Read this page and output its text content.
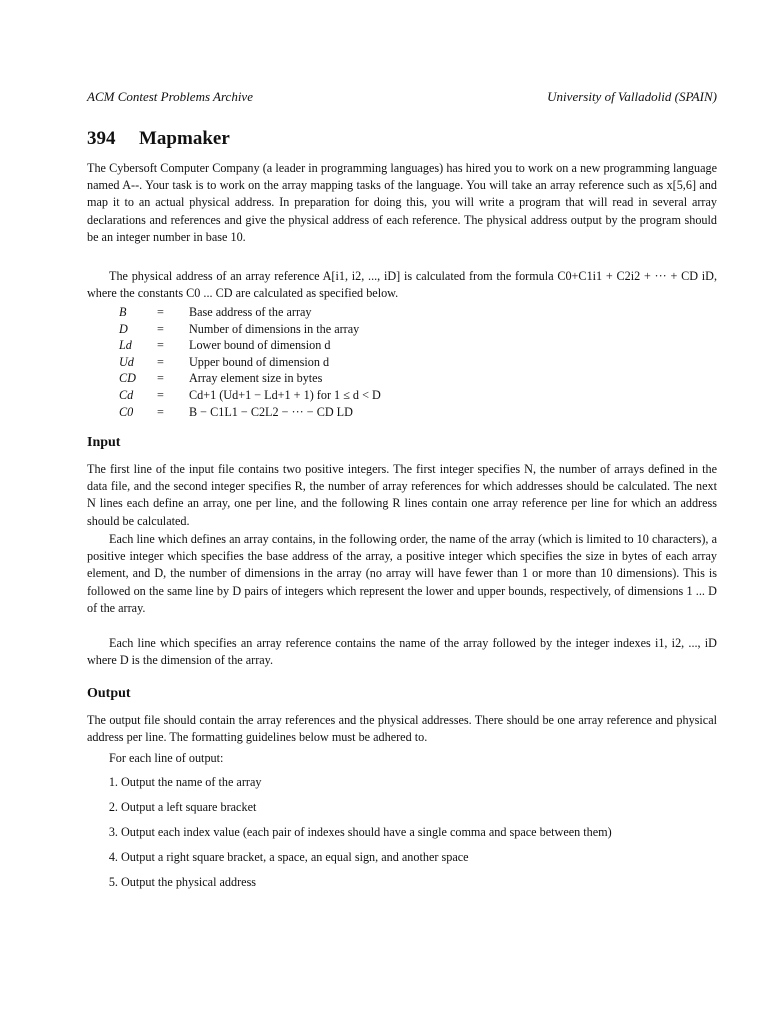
ACM Contest Problems Archive	University of Valladolid (SPAIN)
394 Mapmaker
The Cybersoft Computer Company (a leader in programming languages) has hired you to work on a new programming language named A--. Your task is to work on the array mapping tasks of the language. You will take an array reference such as x[5,6] and map it to an actual physical address. In preparation for doing this, you will write a program that will read in several array declarations and references and give the physical address of each reference. The physical address output by the program should be an integer number in base 10.
The physical address of an array reference A[i1, i2, ..., iD] is calculated from the formula C0+C1i1 + C2i2 + ··· + CD iD, where the constants C0 ... CD are calculated as specified below.
B	=	Base address of the array
D	=	Number of dimensions in the array
Ld	=	Lower bound of dimension d
Ud	=	Upper bound of dimension d
CD	=	Array element size in bytes
Cd	=	Cd+1 (Ud+1 − Ld+1 + 1) for 1 ≤ d < D
C0	=	B − C1L1 − C2L2 − ··· − CD LD
Input
The first line of the input file contains two positive integers. The first integer specifies N, the number of arrays defined in the data file, and the second integer specifies R, the number of array references for which addresses should be calculated. The next N lines each define an array, one per line, and the following R lines contain one array reference per line for which an address should be calculated.
Each line which defines an array contains, in the following order, the name of the array (which is limited to 10 characters), a positive integer which specifies the base address of the array, a positive integer which specifies the size in bytes of each array element, and D, the number of dimensions in the array (no array will have fewer than 1 or more than 10 dimensions). This is followed on the same line by D pairs of integers which represent the lower and upper bounds, respectively, of dimensions 1 ... D of the array.
Each line which specifies an array reference contains the name of the array followed by the integer indexes i1, i2, ..., iD where D is the dimension of the array.
Output
The output file should contain the array references and the physical addresses. There should be one array reference and physical address per line. The formatting guidelines below must be adhered to.
For each line of output:
1. Output the name of the array
2. Output a left square bracket
3. Output each index value (each pair of indexes should have a single comma and space between them)
4. Output a right square bracket, a space, an equal sign, and another space
5. Output the physical address
